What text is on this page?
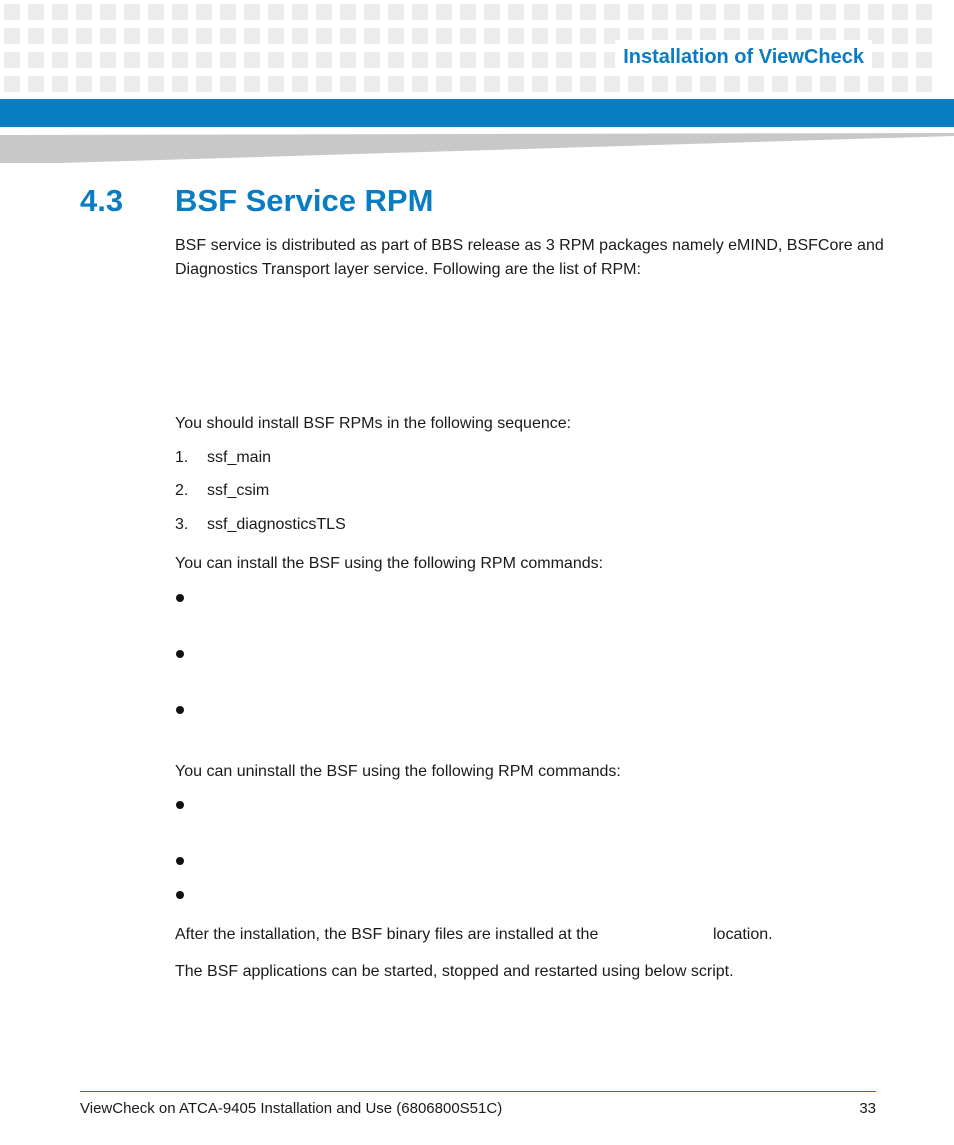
Installation of ViewCheck
4.3 BSF Service RPM
BSF service is distributed as part of BBS release as 3 RPM packages namely eMIND, BSFCore and
Diagnostics Transport layer service. Following are the list of RPM:
You should install BSF RPMs in the following sequence:
1. ssf_main
2. ssf_csim
3. ssf_diagnosticsTLS
You can install the BSF using the following RPM commands:
You can uninstall the BSF using the following RPM commands:
After the installation, the BSF binary files are installed at the	location.
The BSF applications can be started, stopped and restarted using below script.
ViewCheck on ATCA-9405 Installation and Use (6806800S51C)	33
